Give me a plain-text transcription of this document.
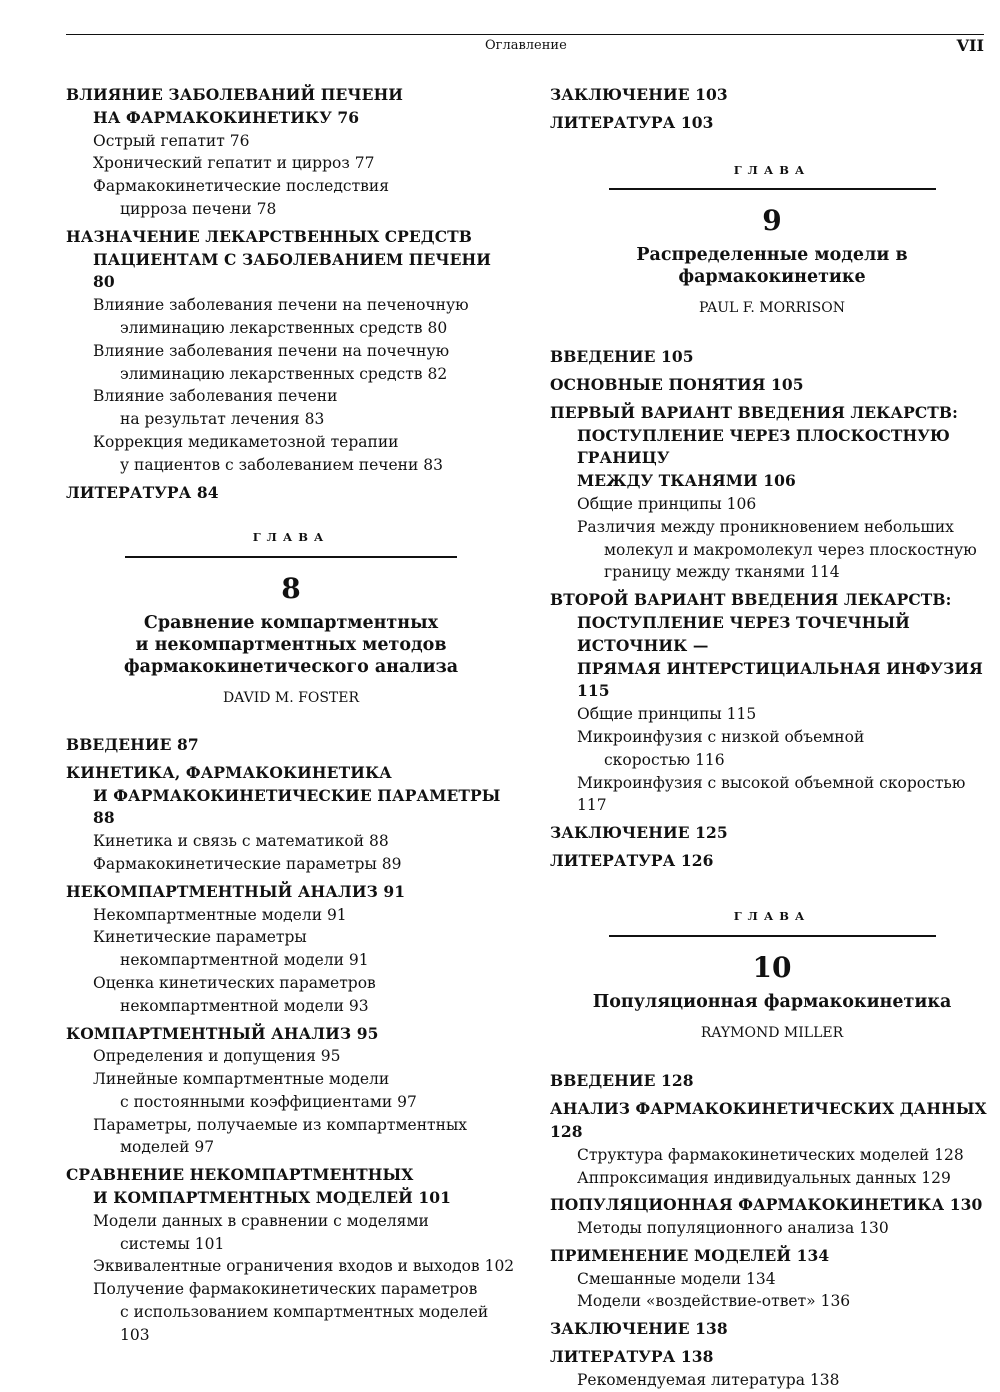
Оглавление	VII
ВЛИЯНИЕ ЗАБОЛЕВАНИЙ ПЕЧЕНИ
НА ФАРМАКОКИНЕТИКУ 76
Острый гепатит 76
Хронический гепатит и цирроз 77
Фармакокинетические последствия
цирроза печени 78
НАЗНАЧЕНИЕ ЛЕКАРСТВЕННЫХ СРЕДСТВ
ПАЦИЕНТАМ С ЗАБОЛЕВАНИЕМ ПЕЧЕНИ 80
Влияние заболевания печени на печеночную
элиминацию лекарственных средств 80
Влияние заболевания печени на почечную
элиминацию лекарственных средств 82
Влияние заболевания печени
на результат лечения 83
Коррекция медикаметозной терапии
у пациентов с заболеванием печени 83
ЛИТЕРАТУРА 84
ГЛАВА
8
Сравнение компартментных
и некомпартментных методов
фармакокинетического анализа
DAVID M. FOSTER
ВВЕДЕНИЕ 87
КИНЕТИКА, ФАРМАКОКИНЕТИКА
И ФАРМАКОКИНЕТИЧЕСКИЕ ПАРАМЕТРЫ 88
Кинетика и связь с математикой 88
Фармакокинетические параметры 89
НЕКОМПАРТМЕНТНЫЙ АНАЛИЗ 91
Некомпартментные модели 91
Кинетические параметры
некомпартментной модели 91
Оценка кинетических параметров
некомпартментной модели 93
КОМПАРТМЕНТНЫЙ АНАЛИЗ 95
Определения и допущения 95
Линейные компартментные модели
с постоянными коэффициентами 97
Параметры, получаемые из компартментных
моделей 97
СРАВНЕНИЕ НЕКОМПАРТМЕНТНЫХ
И КОМПАРТМЕНТНЫХ МОДЕЛЕЙ 101
Модели данных в сравнении с моделями
системы 101
Эквивалентные ограничения входов и выходов 102
Получение фармакокинетических параметров
с использованием компартментных моделей 103
ЗАКЛЮЧЕНИЕ 103
ЛИТЕРАТУРА 103
ГЛАВА
9
Распределенные модели в фармакокинетике
PAUL F. MORRISON
ВВЕДЕНИЕ 105
ОСНОВНЫЕ ПОНЯТИЯ 105
ПЕРВЫЙ ВАРИАНТ ВВЕДЕНИЯ ЛЕКАРСТВ:
ПОСТУПЛЕНИЕ ЧЕРЕЗ ПЛОСКОСТНУЮ ГРАНИЦУ
МЕЖДУ ТКАНЯМИ 106
Общие принципы 106
Различия между проникновением небольших
молекул и макромолекул через плоскостную
границу между тканями 114
ВТОРОЙ ВАРИАНТ ВВЕДЕНИЯ ЛЕКАРСТВ:
ПОСТУПЛЕНИЕ ЧЕРЕЗ ТОЧЕЧНЫЙ ИСТОЧНИК —
ПРЯМАЯ ИНТЕРСТИЦИАЛЬНАЯ ИНФУЗИЯ 115
Общие принципы 115
Микроинфузия с низкой объемной
скоростью 116
Микроинфузия с высокой объемной скоростью 117
ЗАКЛЮЧЕНИЕ 125
ЛИТЕРАТУРА 126
ГЛАВА
10
Популяционная фармакокинетика
RAYMOND MILLER
ВВЕДЕНИЕ 128
АНАЛИЗ ФАРМАКОКИНЕТИЧЕСКИХ ДАННЫХ 128
Структура фармакокинетических моделей 128
Аппроксимация индивидуальных данных 129
ПОПУЛЯЦИОННАЯ ФАРМАКОКИНЕТИКА 130
Методы популяционного анализа 130
ПРИМЕНЕНИЕ МОДЕЛЕЙ 134
Смешанные модели 134
Модели «воздействие-ответ» 136
ЗАКЛЮЧЕНИЕ 138
ЛИТЕРАТУРА 138
Рекомендуемая литература 138
